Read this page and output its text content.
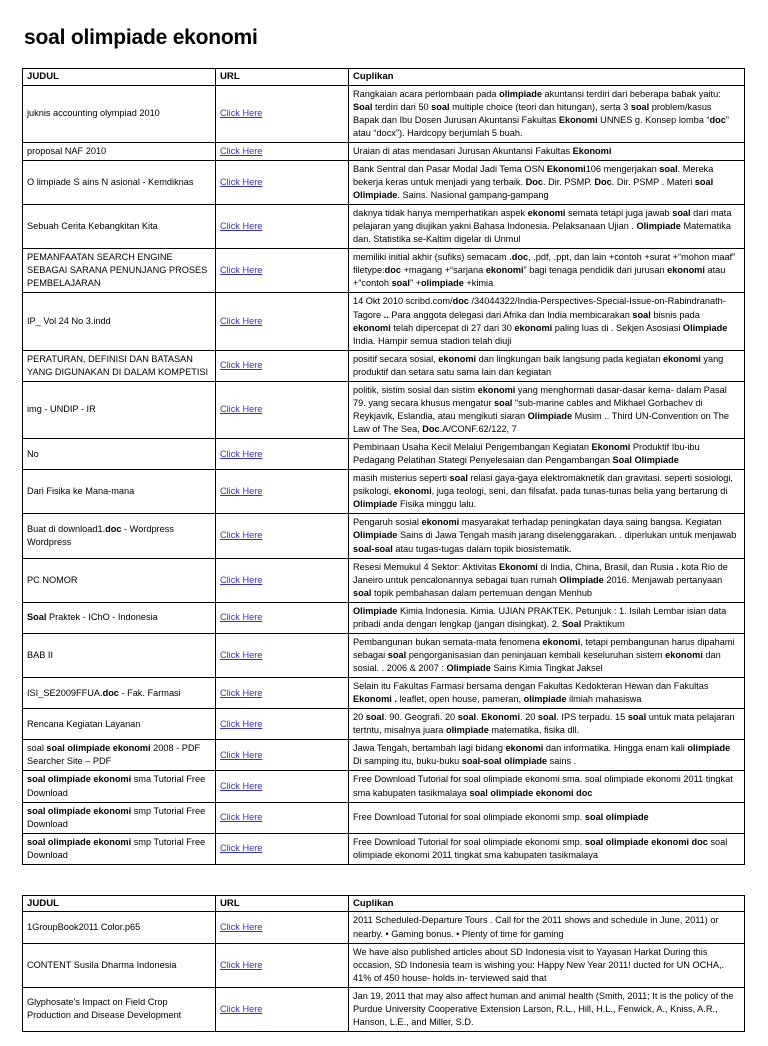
soal olimpiade ekonomi
JUDUL	URL	Cuplikan
juknis accounting olympiad 2010	Click Here	Rangkaian acara perlombaan pada olimpiade akuntansi terdiri dari beberapa babak yaitu: Soal terdiri dari 50 soal multiple choice (teori dan hitungan), serta 3 soal problem/kasus Bapak dan Ibu Dosen Jurusan Akuntansi Fakultas Ekonomi UNNES g. Konsep lomba “doc” atau “docx”). Hardcopy berjumlah 5 buah.
proposal NAF 2010	Click Here	Uraian di atas mendasari Jurusan Akuntansi Fakultas Ekonomi
O limpiade S ains N asional - Kemdiknas	Click Here	Bank Sentral dan Pasar Modal Jadi Tema OSN Ekonomi106 mengerjakan soal. Mereka bekerja keras untuk menjadi yang terbaik. Doc. Dir. PSMP. Doc. Dir. PSMP . Materi soal Olimpiade. Sains. Nasional gampang-gampang
Sebuah Cerita Kebangkitan Kita	Click Here	daknya tidak hanya memperhatikan aspek ekonomi semata tetapi juga jawab soal dari mata pelajaran yang diujikan yakni Bahasa Indonesia. Pelaksanaan Ujian . Olimpiade Matematika dan. Statistika se-Kaltim digelar di Unmul
PEMANFAATAN SEARCH ENGINE SEBAGAI SARANA PENUNJANG PROSES PEMBELAJARAN	Click Here	memiliki initial akhir (sufiks) semacam .doc, .pdf, .ppt, dan lain +contoh +surat +“mohon maaf” filetype:doc +magang +“sarjana ekonomi” bagi tenaga pendidik dari jurusan ekonomi atau +“contoh soal” +olimpiade +kimia
IP_ Vol 24 No 3.indd	Click Here	14 Okt 2010 scribd.com/doc /34044322/India-Perspectives-Special-Issue-on-Rabindranath-Tagore .. Para anggota delegasi dari Afrika dan India membicarakan soal bisnis pada ekonomi telah dipercepat di 27 dari 30 ekonomi paling luas di . Sekjen Asosiasi Olimpiade India. Hampir semua stadion telah diuji
PERATURAN, DEFINISI DAN BATASAN YANG DIGUNAKAN DI DALAM KOMPETISI	Click Here	positif secara sosial, ekonomi dan lingkungan baik langsung pada kegiatan ekonomi yang produktif dan setara satu sama lain dan kegiatan
img - UNDIP - IR	Click Here	politik, sistim sosial dan sistim ekonomi yang menghormati dasar-dasar kema- dalam Pasal 79. yang secara khusus mengatur soal "sub-marine cables and Mikhael Gorbachev di Reykjavik, Eslandia, atau mengikuti siaran Olimpiade Musim .. Third UN-Convention on The Law of The Sea, Doc.A/CONF.62/122, 7
No	Click Here	Pembinaan Usaha Kecil Melalui Pengembangan Kegiatan Ekonomi Produktif Ibu-ibu Pedagang Pelatihan Stategi Penyelesaian dan Pengambangan Soal Olimpiade
Dari Fisika ke Mana-mana	Click Here	masih misterius seperti soal relasi gaya-gaya elektromaknetik dan gravitasi. seperti sosiologi, psikologi, ekonomi, juga teologi, seni, dan filsafat. pada tunas-tunas belia yang bertarung di Olimpiade Fisika minggu lalu.
Buat di download1.doc - Wordpress Wordpress	Click Here	Pengaruh sosial ekonomi masyarakat terhadap peningkatan daya saing bangsa. Kegiatan Olimpiade Sains di Jawa Tengah masih jarang diselenggarakan. . diperlukan untuk menjawab soal-soal atau tugas-tugas dalam topik biosistematik.
PC NOMOR	Click Here	Resesi Memukul 4 Sektor: Aktivitas Ekonomi di India, China, Brasil, dan Rusia . kota Rio de Janeiro untuk pencalonannya sebagai tuan rumah Olimpiade 2016. Menjawab pertanyaan soal topik pembahasan dalam pertemuan dengan Menhub
Soal Praktek - IChO - Indonesia	Click Here	Olimpiade Kimia Indonesia. Kimia. UJIAN PRAKTEK. Petunjuk : 1. Isilah Lembar isian data pribadi anda dengan lengkap (jangan disingkat). 2. Soal Praktikum
BAB II	Click Here	Pembangunan bukan semata-mata fenomena ekonomi, tetapi pembangunan harus dipahami sebagai soal pengorganisasian dan peninjauan kembali keseluruhan sistem ekonomi dan sosial. . 2006 & 2007 : Olimpiade Sains Kimia Tingkat Jaksel
ISI_SE2009FFUA.doc - Fak. Farmasi	Click Here	Selain itu Fakultas Farmasi bersama dengan Fakultas Kedokteran Hewan dan Fakultas Ekonomi . leaflet, open house, pameran, olimpiade ilmiah mahasiswa
Rencana Kegiatan Layanan	Click Here	20 soal. 90. Geografi. 20 soal. Ekonomi. 20 soal. IPS terpadu. 15 soal untuk mata pelajaran tertntu, misalnya juara olimpiade matematika, fisika dll.
soal soal olimpiade ekonomi 2008 - PDF Searcher Site – PDF	Click Here	Jawa Tengah, bertambah lagi bidang ekonomi dan informatika. Hingga enam kali olimpiade Di samping itu, buku-buku soal-soal olimpiade sains .
soal olimpiade ekonomi sma Tutorial Free Download	Click Here	Free Download Tutorial for soal olimpiade ekonomi sma. soal olimpiade ekonomi 2011 tingkat sma kabupaten tasikmalaya soal olimpiade ekonomi doc
soal olimpiade ekonomi smp Tutorial Free Download	Click Here	Free Download Tutorial for soal olimpiade ekonomi smp. soal olimpiade
soal olimpiade ekonomi smp Tutorial Free Download	Click Here	Free Download Tutorial for soal olimpiade ekonomi smp. soal olimpiade ekonomi doc soal olimpiade ekonomi 2011 tingkat sma kabupaten tasikmalaya
JUDUL	URL	Cuplikan
1GroupBook2011 Color.p65	Click Here	2011 Scheduled-Departure Tours . Call for the 2011 shows and schedule in June, 2011) or nearby. • Gaming bonus. • Plenty of time for gaming
CONTENT Susila Dharma Indonesia	Click Here	We have also published articles about SD Indonesia visit to Yayasan Harkat During this occasion, SD Indonesia team is wishing you: Happy New Year 2011! ducted for UN OCHA,. 41% of 450 house- holds in- terviewed said that
Glyphosate's Impact on Field Crop Production and Disease Development	Click Here	Jan 19, 2011 that may also affect human and animal health (Smith, 2011; It is the policy of the Purdue University Cooperative Extension Larson, R.L., Hill, H.L., Fenwick, A., Kniss, A.R., Hanson, L.E., and Miller, S.D.
